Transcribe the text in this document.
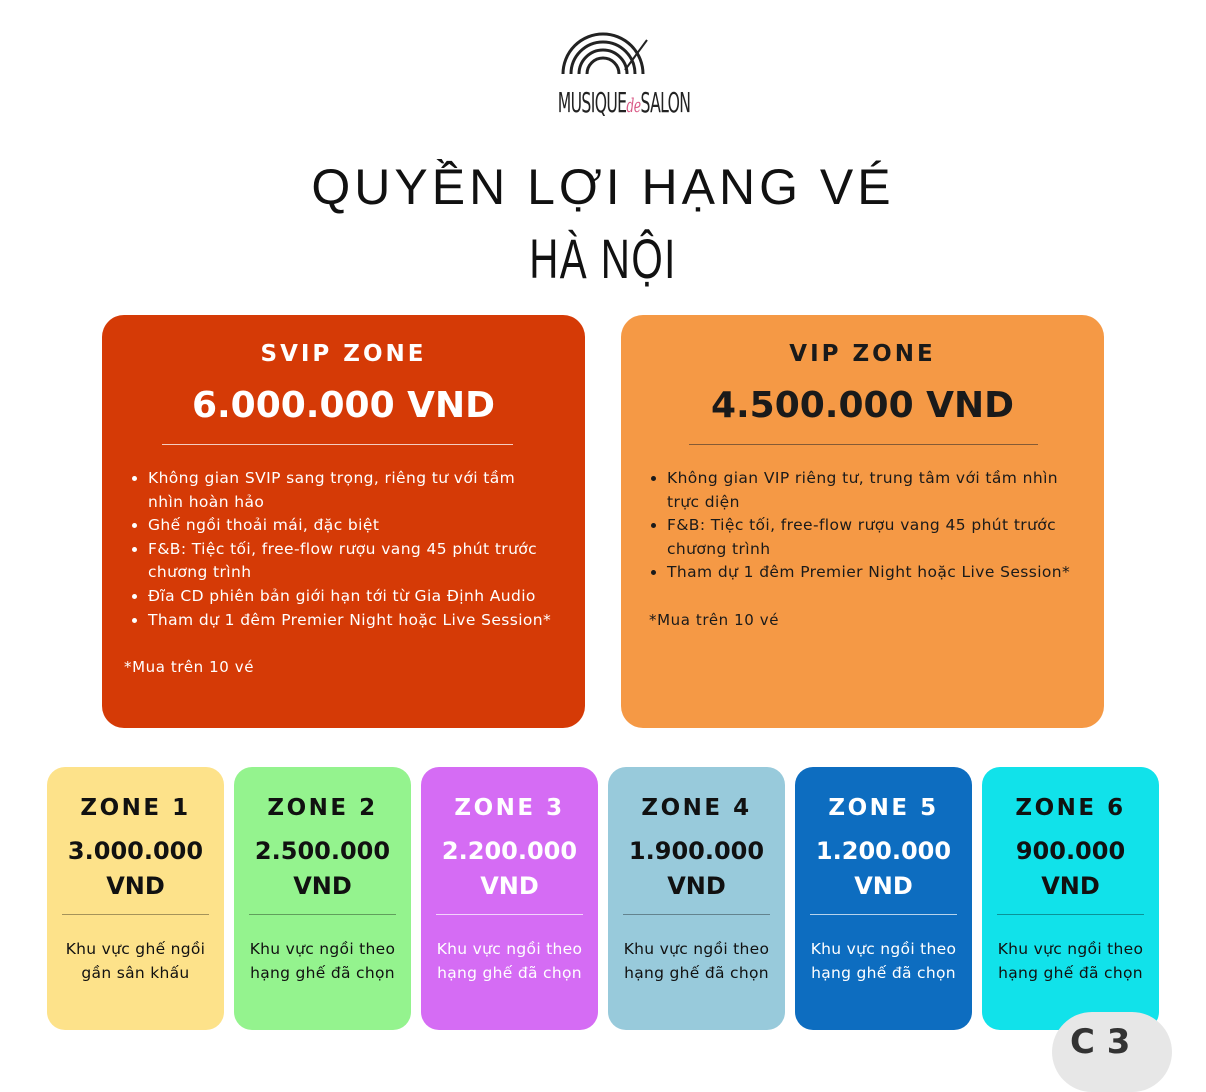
MUSIQUEdeSALON
QUYỀN LỢI HẠNG VÉ
HÀ NỘI
SVIP ZONE
6.000.000 VND
• Không gian SVIP sang trọng, riêng tư với tầm nhìn hoàn hảo
• Ghế ngồi thoải mái, đặc biệt
• F&B: Tiệc tối, free-flow rượu vang 45 phút trước chương trình
• Đĩa CD phiên bản giới hạn tới từ Gia Định Audio
• Tham dự 1 đêm Premier Night hoặc Live Session*
*Mua trên 10 vé
VIP ZONE
4.500.000 VND
• Không gian VIP riêng tư, trung tâm với tầm nhìn trực diện
• F&B: Tiệc tối, free-flow rượu vang 45 phút trước chương trình
• Tham dự 1 đêm Premier Night hoặc Live Session*
*Mua trên 10 vé
ZONE 1
3.000.000
VND
Khu vực ghế ngồi gần sân khấu
ZONE 2
2.500.000
VND
Khu vực ngồi theo hạng ghế đã chọn
ZONE 3
2.200.000
VND
Khu vực ngồi theo hạng ghế đã chọn
ZONE 4
1.900.000
VND
Khu vực ngồi theo hạng ghế đã chọn
ZONE 5
1.200.000
VND
Khu vực ngồi theo hạng ghế đã chọn
ZONE 6
900.000
VND
Khu vực ngồi theo hạng ghế đã chọn
C 3
